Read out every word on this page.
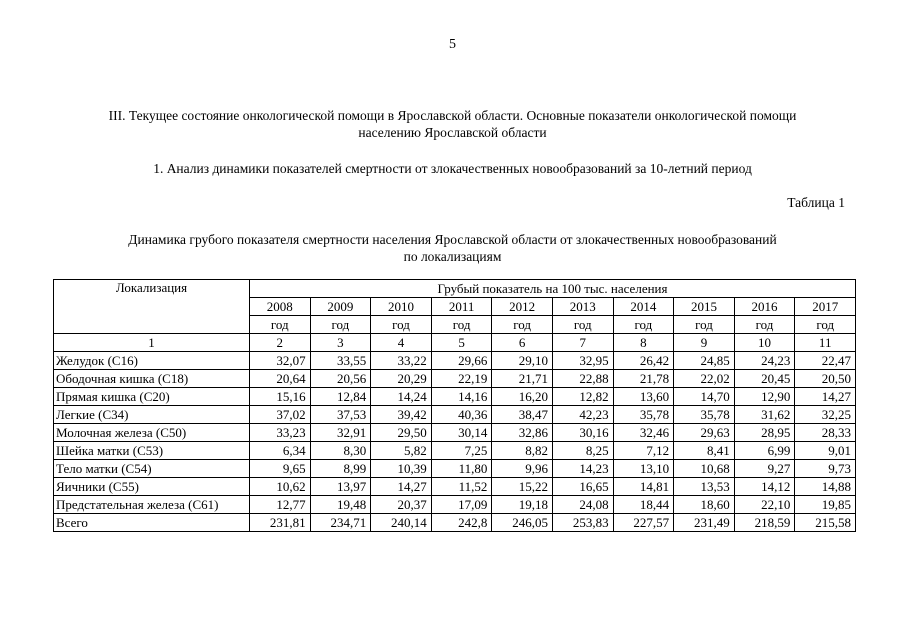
5
III. Текущее состояние онкологической помощи в Ярославской области. Основные показатели онкологической помощи
населению Ярославской области
1. Анализ динамики показателей смертности от злокачественных новообразований за 10-летний период
Таблица 1
Динамика грубого показателя смертности населения Ярославской области от злокачественных новообразований
по локализациям
Локализация	Грубый показатель на 100 тыс. населения									
	2008	2009	2010	2011	2012	2013	2014	2015	2016	2017
	год	год	год	год	год	год	год	год	год	год
1	2	3	4	5	6	7	8	9	10	11
Желудок (С16)	32,07	33,55	33,22	29,66	29,10	32,95	26,42	24,85	24,23	22,47
Ободочная кишка (С18)	20,64	20,56	20,29	22,19	21,71	22,88	21,78	22,02	20,45	20,50
Прямая кишка (С20)	15,16	12,84	14,24	14,16	16,20	12,82	13,60	14,70	12,90	14,27
Легкие (С34)	37,02	37,53	39,42	40,36	38,47	42,23	35,78	35,78	31,62	32,25
Молочная железа (С50)	33,23	32,91	29,50	30,14	32,86	30,16	32,46	29,63	28,95	28,33
Шейка матки (С53)	6,34	8,30	5,82	7,25	8,82	8,25	7,12	8,41	6,99	9,01
Тело матки (С54)	9,65	8,99	10,39	11,80	9,96	14,23	13,10	10,68	9,27	9,73
Яичники (С55)	10,62	13,97	14,27	11,52	15,22	16,65	14,81	13,53	14,12	14,88
Предстательная железа (С61)	12,77	19,48	20,37	17,09	19,18	24,08	18,44	18,60	22,10	19,85
Всего	231,81	234,71	240,14	242,8	246,05	253,83	227,57	231,49	218,59	215,58
